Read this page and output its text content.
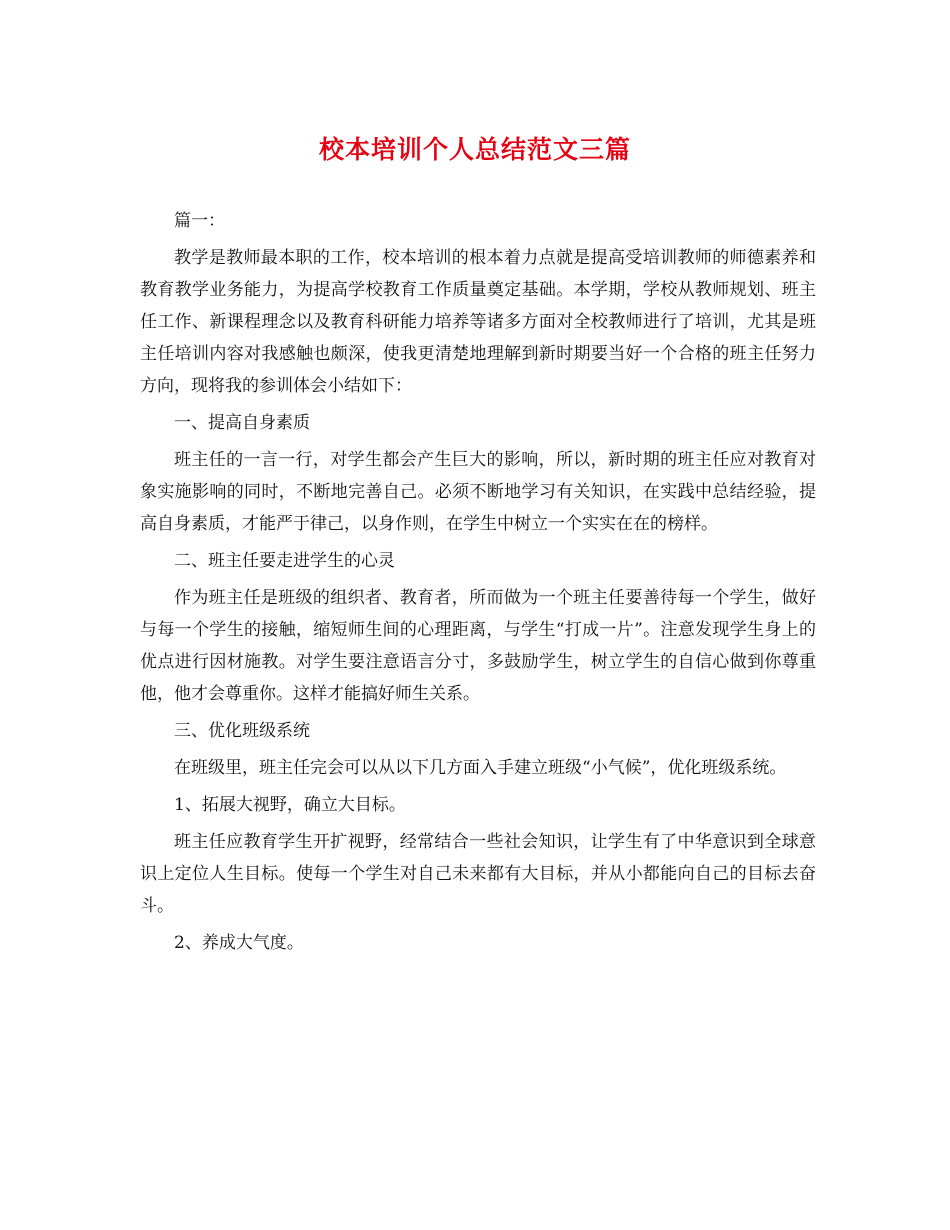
校本培训个人总结范文三篇

篇一：

教学是教师最本职的工作，校本培训的根本着力点就是提高受培训教师的师德素养和教育教学业务能力，为提高学校教育工作质量奠定基础。本学期，学校从教师规划、班主任工作、新课程理念以及教育科研能力培养等诸多方面对全校教师进行了培训，尤其是班主任培训内容对我感触也颇深，使我更清楚地理解到新时期要当好一个合格的班主任努力方向，现将我的参训体会小结如下：

一、提高自身素质

班主任的一言一行，对学生都会产生巨大的影响，所以，新时期的班主任应对教育对象实施影响的同时，不断地完善自己。必须不断地学习有关知识，在实践中总结经验，提高自身素质，才能严于律己，以身作则，在学生中树立一个实实在在的榜样。

二、班主任要走进学生的心灵

作为班主任是班级的组织者、教育者，所而做为一个班主任要善待每一个学生，做好与每一个学生的接触，缩短师生间的心理距离，与学生“打成一片”。注意发现学生身上的优点进行因材施教。对学生要注意语言分寸，多鼓励学生，树立学生的自信心做到你尊重他，他才会尊重你。这样才能搞好师生关系。

三、优化班级系统

在班级里，班主任完会可以从以下几方面入手建立班级“小气候”，优化班级系统。

1、拓展大视野，确立大目标。

班主任应教育学生开扩视野，经常结合一些社会知识，让学生有了中华意识到全球意识上定位人生目标。使每一个学生对自己未来都有大目标，并从小都能向自己的目标去奋斗。

2、养成大气度。
